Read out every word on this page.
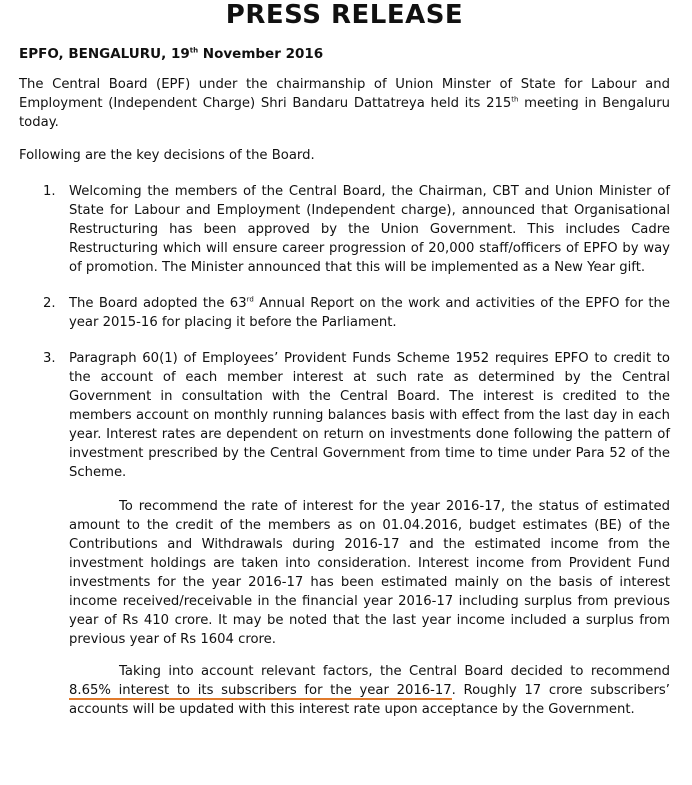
PRESS RELEASE
EPFO, BENGALURU, 19th November 2016

The Central Board (EPF) under the chairmanship of Union Minster of State for Labour and Employment (Independent Charge) Shri Bandaru Dattatreya held its 215th meeting in Bengaluru today.

Following are the key decisions of the Board.

1. Welcoming the members of the Central Board, the Chairman, CBT and Union Minister of State for Labour and Employment (Independent charge), announced that Organisational Restructuring has been approved by the Union Government. This includes Cadre Restructuring which will ensure career progression of 20,000 staff/officers of EPFO by way of promotion. The Minister announced that this will be implemented as a New Year gift.

2. The Board adopted the 63rd Annual Report on the work and activities of the EPFO for the year 2015-16 for placing it before the Parliament.

3. Paragraph 60(1) of Employees’ Provident Funds Scheme 1952 requires EPFO to credit to the account of each member interest at such rate as determined by the Central Government in consultation with the Central Board. The interest is credited to the members account on monthly running balances basis with effect from the last day in each year. Interest rates are dependent on return on investments done following the pattern of investment prescribed by the Central Government from time to time under Para 52 of the Scheme.

To recommend the rate of interest for the year 2016-17, the status of estimated amount to the credit of the members as on 01.04.2016, budget estimates (BE) of the Contributions and Withdrawals during 2016-17 and the estimated income from the investment holdings are taken into consideration. Interest income from Provident Fund investments for the year 2016-17 has been estimated mainly on the basis of interest income received/receivable in the financial year 2016-17 including surplus from previous year of Rs 410 crore. It may be noted that the last year income included a surplus from previous year of Rs 1604 crore.

Taking into account relevant factors, the Central Board decided to recommend 8.65% interest to its subscribers for the year 2016-17. Roughly 17 crore subscribers’ accounts will be updated with this interest rate upon acceptance by the Government.
